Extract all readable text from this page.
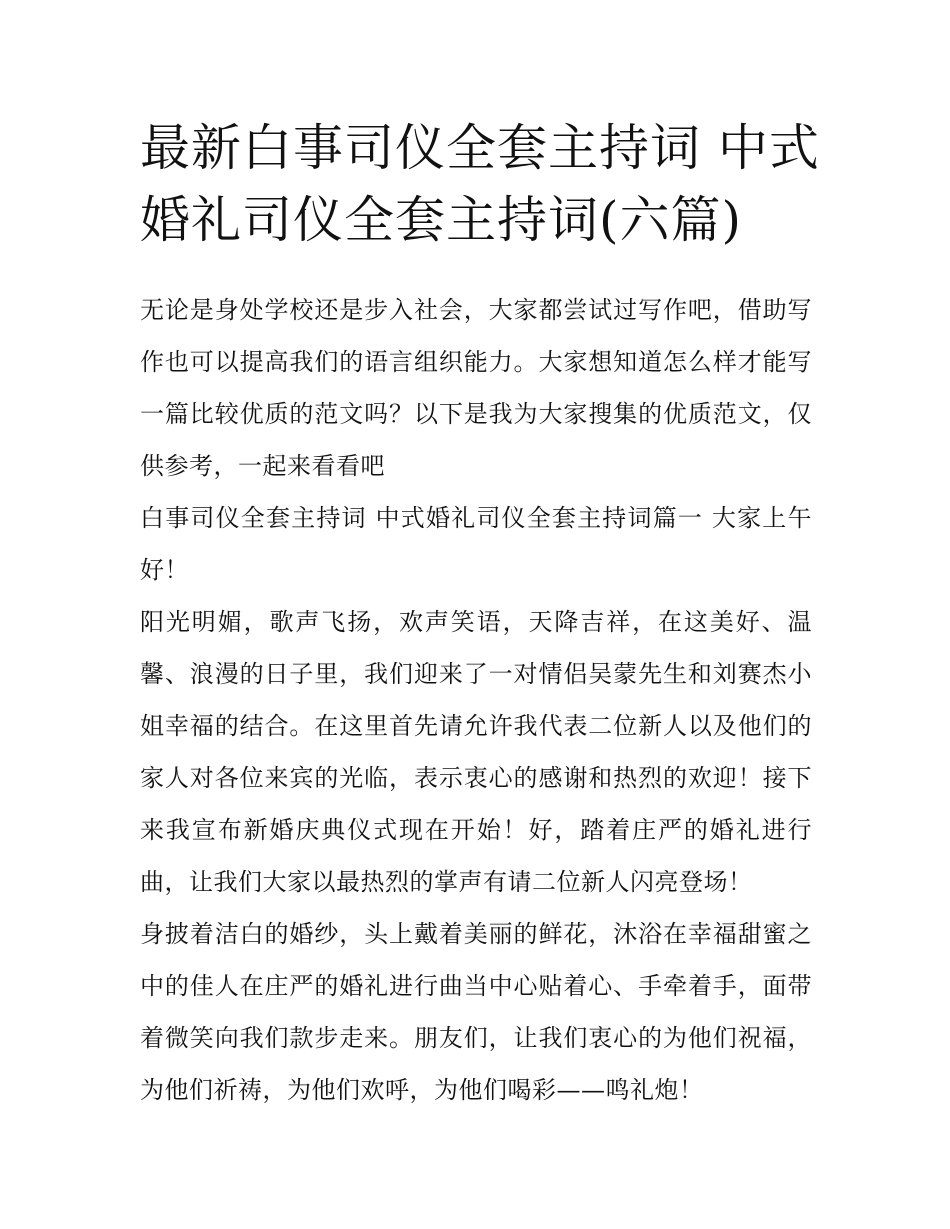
最新白事司仪全套主持词 中式婚礼司仪全套主持词(六篇)

无论是身处学校还是步入社会，大家都尝试过写作吧，借助写作也可以提高我们的语言组织能力。大家想知道怎么样才能写一篇比较优质的范文吗？以下是我为大家搜集的优质范文，仅供参考，一起来看看吧

白事司仪全套主持词 中式婚礼司仪全套主持词篇一 大家上午好！

阳光明媚，歌声飞扬，欢声笑语，天降吉祥，在这美好、温馨、浪漫的日子里，我们迎来了一对情侣吴蒙先生和刘赛杰小姐幸福的结合。在这里首先请允许我代表二位新人以及他们的家人对各位来宾的光临，表示衷心的感谢和热烈的欢迎！接下来我宣布新婚庆典仪式现在开始！好，踏着庄严的婚礼进行曲，让我们大家以最热烈的掌声有请二位新人闪亮登场！

身披着洁白的婚纱，头上戴着美丽的鲜花，沐浴在幸福甜蜜之中的佳人在庄严的婚礼进行曲当中心贴着心、手牵着手，面带着微笑向我们款步走来。朋友们，让我们衷心的为他们祝福，为他们祈祷，为他们欢呼，为他们喝彩——鸣礼炮！
